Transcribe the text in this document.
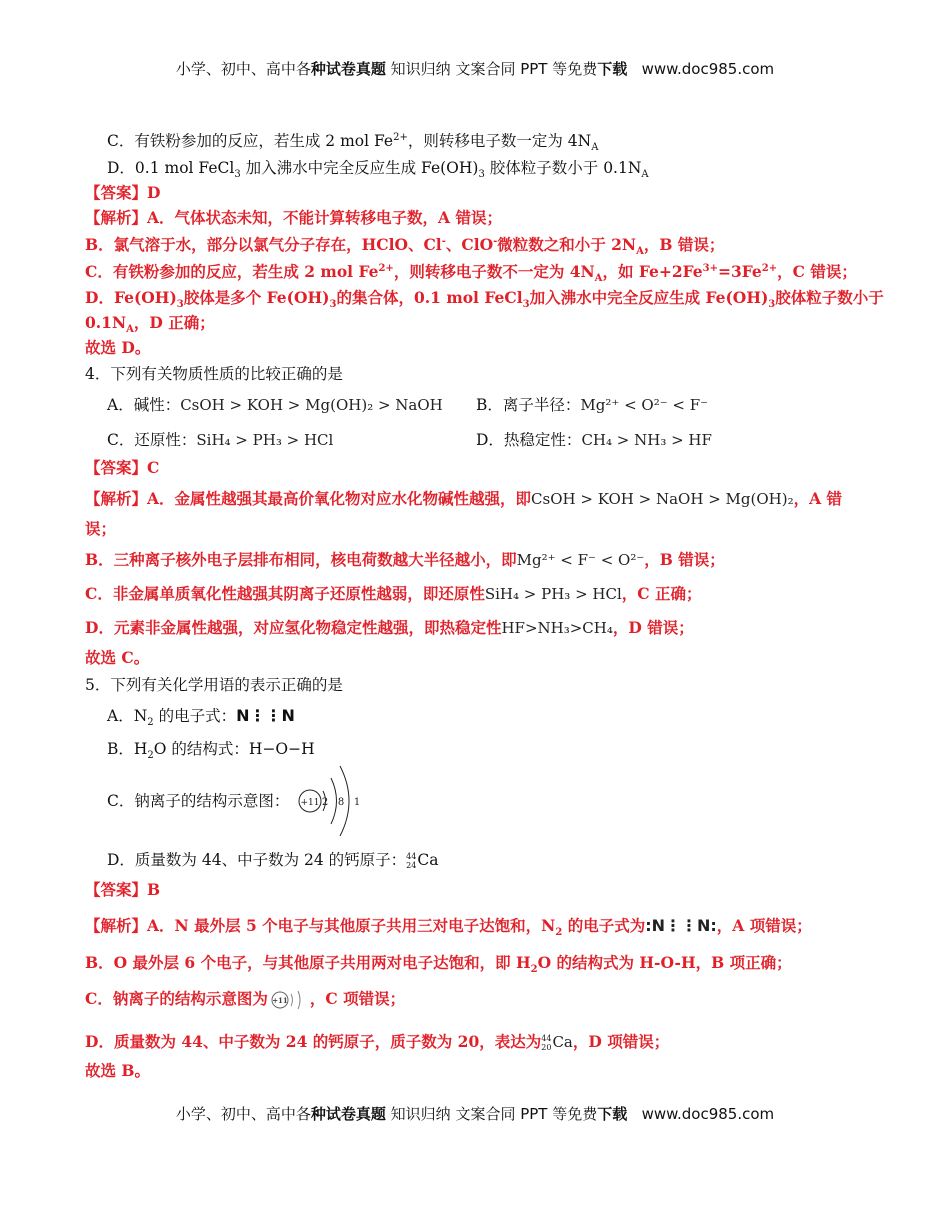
小学、初中、高中各种试卷真题 知识归纳 文案合同 PPT 等免费下载 www.doc985.com
C．有铁粉参加的反应，若生成 2 mol $Fe^{2+}$，则转移电子数一定为 $4N_A$
D．0.1 mol FeCl$_3$ 加入沸水中完全反应生成 $Fe(OH)_3$ 胶体粒子数小于 $0.1N_A$
【答案】D
【解析】A．气体状态未知，不能计算转移电子数，A 错误；
B．氯气溶于水，部分以氯气分子存在，HClO、Cl-、ClO-微粒数之和小于 $2N_A$，B 错误；
C．有铁粉参加的反应，若生成 2 mol $Fe^{2+}$，则转移电子数不一定为 $4N_A$，如 $Fe+2Fe^{3+}=3Fe^{2+}$，C 错误；
D．$Fe(OH)_3$胶体是多个 $Fe(OH)_3$的集合体，0.1 mol FeCl$_3$加入沸水中完全反应生成 $Fe(OH)_3$胶体粒子数小于
$0.1N_A$，D 正确；
故选 D。
4．下列有关物质性质的比较正确的是
A．碱性：CsOH > KOH > Mg(OH)₂ > NaOH B．离子半径：Mg²⁺ < O²⁻ < F⁻
C．还原性：SiH₄ > PH₃ > HCl	D．热稳定性：CH₄ > NH₃ > HF
【答案】C
【解析】A．金属性越强其最高价氧化物对应水化物碱性越强，即CsOH > KOH > NaOH > Mg(OH)₂，A 错
误；
B．三种离子核外电子层排布相同，核电荷数越大半径越小，即Mg²⁺ < F⁻ < O²⁻，B 错误；
C．非金属单质氧化性越强其阴离子还原性越弱，即还原性SiH₄ > PH₃ > HCl，C 正确；
D．元素非金属性越强，对应氢化物稳定性越强，即热稳定性HF>NH₃>CH₄，D 错误；
故选 C。
5．下列有关化学用语的表示正确的是
A．$N_2$ 的电子式：N⋮⋮N
B．$H_2O$ 的结构式：H−O−H
C．钠离子的结构示意图： +11 2 8 1
D．质量数为 44、中子数为 24 的钙原子：44
24Ca
【答案】B
【解析】A．N 最外层 5 个电子与其他原子共用三对电子达饱和，$N_2$ 的电子式为:N⋮⋮N:，A 项错误；
B．O 最外层 6 个电子，与其他原子共用两对电子达饱和，即 $H_2O$ 的结构式为 H-O-H，B 项正确；
C．钠离子的结构示意图为 +11 ，C 项错误；
D．质量数为 44、中子数为 24 的钙原子，质子数为 20，表达为44
20Ca，D 项错误；
故选 B。
小学、初中、高中各种试卷真题 知识归纳 文案合同 PPT 等免费下载 www.doc985.com
